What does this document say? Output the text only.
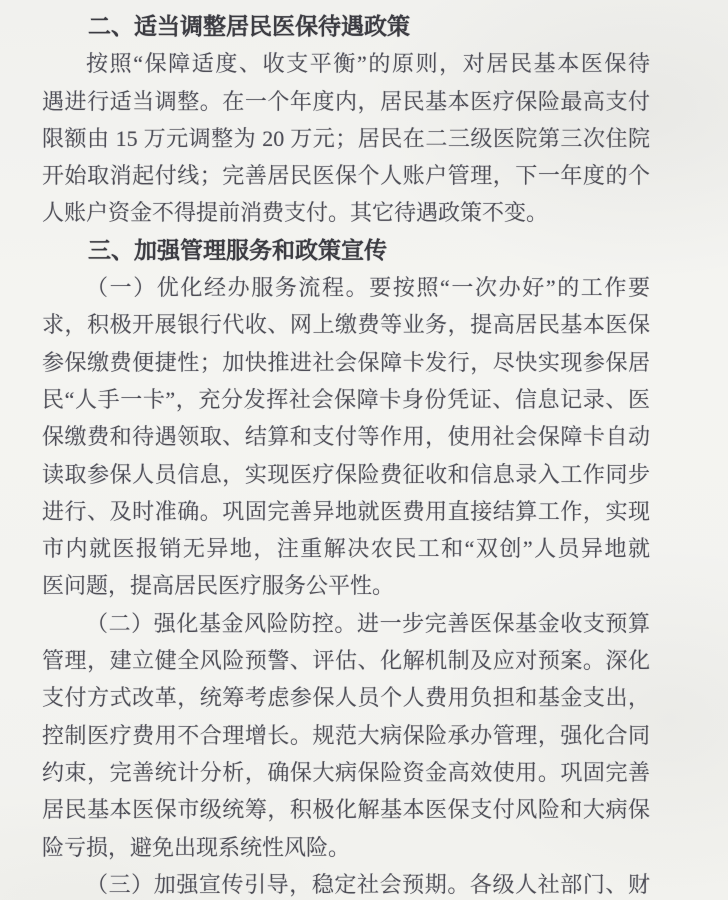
二、适当调整居民医保待遇政策
按照“保障适度、收支平衡”的原则，对居民基本医保待
遇进行适当调整。在一个年度内，居民基本医疗保险最高支付
限额由 15 万元调整为 20 万元；居民在二三级医院第三次住院
开始取消起付线；完善居民医保个人账户管理，下一年度的个
人账户资金不得提前消费支付。其它待遇政策不变。
三、加强管理服务和政策宣传
（一）优化经办服务流程。要按照“一次办好”的工作要
求，积极开展银行代收、网上缴费等业务，提高居民基本医保
参保缴费便捷性；加快推进社会保障卡发行，尽快实现参保居
民“人手一卡”，充分发挥社会保障卡身份凭证、信息记录、医
保缴费和待遇领取、结算和支付等作用，使用社会保障卡自动
读取参保人员信息，实现医疗保险费征收和信息录入工作同步
进行、及时准确。巩固完善异地就医费用直接结算工作，实现
市内就医报销无异地，注重解决农民工和“双创”人员异地就
医问题，提高居民医疗服务公平性。
（二）强化基金风险防控。进一步完善医保基金收支预算
管理，建立健全风险预警、评估、化解机制及应对预案。深化
支付方式改革，统筹考虑参保人员个人费用负担和基金支出，
控制医疗费用不合理增长。规范大病保险承办管理，强化合同
约束，完善统计分析，确保大病保险资金高效使用。巩固完善
居民基本医保市级统筹，积极化解基本医保支付风险和大病保
险亏损，避免出现系统性风险。
（三）加强宣传引导，稳定社会预期。各级人社部门、财
